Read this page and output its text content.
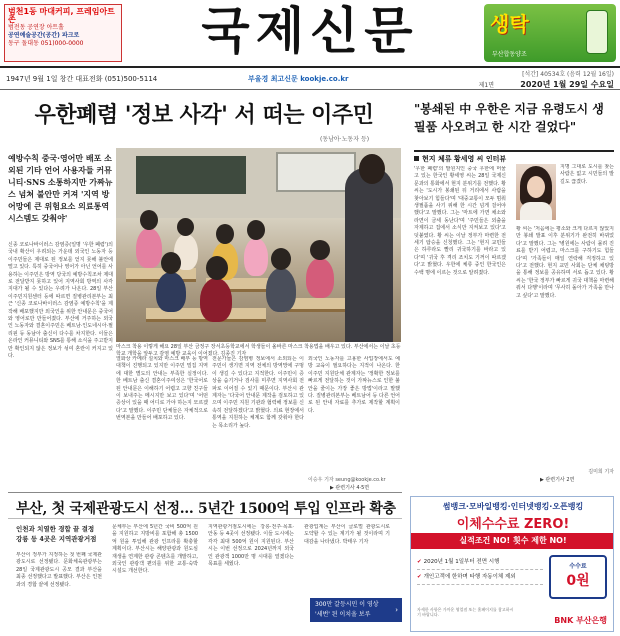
범천1동 마대커피, 프레임아트존
범전동 공연장 아트홀
공연예술공간(공간) 파크로
동구 돌대동 051)000-0000	국제신문	생탁
부산합동양조
1947년 9월 1일 창간 대표전화 (051)500-5114	부울경 최고신문 kookje.co.kr
[석간] 40534호 (음력 12월 16일)
제1면	2020년 1월 29일 수요일
우한폐렴 '정보 사각' 서 떠는 이주민
(동남아·노동자 등)
예방수칙 중국·영어만 배포 소외된 기타 언어 사용자들 커뮤니티·SNS 소통하지만 가짜뉴스 넘쳐 불안만 커져 '지역 방어망에 큰 위험요소 의료통역 시스템도 갖춰야'
신종 코로나바이러스 감염증(일명 '우한 폐렴')의 국내 확산이 우려되는 가운데 외국인 노동자 등 이주민들은 제대로 된 정보를 얻지 못해 불안에 떨고 있다. 특히 중국어나 영어가 아닌 언어를 사용하는 이주민은 방역 당국의 예방수칙조차 제대로 전달받지 못하고 있어 지역사회 방역의 사각지대가 될 수 있다는 우려가 나온다. 28일 부산 이주민지원센터 등에 따르면 질병관리본부는 최근 '신종 코로나바이러스 감염증 예방수칙'을 제작해 배포했지만 외국인을 위한 안내문은 중국어와 영어로만 만들어졌다. 부산에 거주하는 외국인 노동자와 결혼이주민은 베트남·인도네시아·필리핀 등 동남아 출신이 다수를 차지한다. 이들은 온라인 커뮤니티와 SNS를 통해 소식을 주고받지만 확인되지 않은 정보가 섞여 혼란이 커지고 있다.
마스크 착용 이렇게 해요 28일 부산 금정구 장서초등학교에서 학생들이 올바른 마스크 착용법을 배우고 있다. 부산에서는 이날 초등학교 개학을 앞두고 감염 예방 교육이 이어졌다. 김종진 기자
열화상 카메라 설치와 마스크 배부 등 방역 대책이 진행되고 있지만 이주민 밀집 지역에 대한 별도의 안내는 부족한 실정이다. 한 베트남 출신 결혼이주여성은 '한국어로 된 안내문은 이해하기 어렵고 고향 친구들이 보내주는 메시지만 보고 있다'며 '어떤 증상이 있을 때 어디로 가야 하는지 모르겠다'고 말했다. 이주민 단체들은 자체적으로 번역본을 만들어 배포하고 있다.
전문가들은 감염병 정보에서 소외되는 이주민이 생기면 지역 전체의 방역망에 구멍이 생길 수 있다고 지적한다. 이주민이 증상을 숨기거나 검사를 미루면 지역사회 전파로 이어질 수 있기 때문이다. 부산시 관계자는 '다국어 안내문 제작을 검토하고 있으며 이주민 지원 기관과 협력해 정보를 신속히 전달하겠다'고 밝혔다. 의료 현장에서 통역을 지원하는 체계도 함께 갖춰야 한다는 목소리가 높다.
외국인 노동자를 고용한 사업장에서도 예방 교육이 필요하다는 지적이 나온다. 한 이주민 지원단체 관계자는 '정확한 정보를 빠르게 전달하는 것이 가짜뉴스로 인한 불안을 줄이는 가장 좋은 방법'이라고 말했다. 질병관리본부는 베트남어 등 다른 언어로 된 안내 자료를 추가로 제작할 계획이다.
이승우 기자 seung@kookje.co.kr
▶ 관련기사 4·5면
"봉쇄된 中 우한은 지금 유령도시 생필품 사오려고 한 시간 걸었다"
현지 체류 황세영 씨 인터뷰
'우한 폐렴'의 발원지인 중국 우한에 머물고 있는 한국인 황세영 씨는 28일 국제신문과의 통화에서 현지 분위기를 전했다. 황 씨는 '도시가 봉쇄된 뒤 거리에서 사람을 찾아보기 힘들다'며 '대중교통이 모두 멈춰 생필품을 사기 위해 한 시간 넘게 걸어야 했다'고 말했다. 그는 '마트에 가면 채소와 라면이 금세 동난다'며 '주민들은 외출을 자제하고 집에서 소식만 지켜보고 있다'고 덧붙였다. 황 씨는 이날 정부가 마련한 전세기 탑승을 신청했다. 그는 '현지 교민들은 하루라도 빨리 귀국하기를 바라고 있다'며 '귀국 후 격리 조치도 기꺼이 따르겠다'고 밝혔다. 우한에 체류 중인 한국인은 수백 명에 이르는 것으로 알려졌다.
지명 그대로 도시를 찾는 사람은 없고 시민들의 발길도 끊겼다.
황 씨는 '처음에는 평소와 크게 다르지 않았지만 봉쇄 발표 이후 분위기가 완전히 바뀌었다'고 말했다. 그는 '병원에는 사람이 몰려 진료를 받기 어렵고, 마스크를 구하기도 힘들다'며 '가족들이 매일 연락해 걱정하고 있다'고 전했다. 현지 교민 사회는 단체 채팅방을 통해 정보를 공유하며 서로 돕고 있다. 황 씨는 '한국 정부가 빠르게 귀국 대책을 마련해 줘서 다행'이라며 '무사히 돌아가 가족을 만나고 싶다'고 말했다.
김미희 기자
▶ 관련기사 2면
부산, 첫 국제관광도시 선정… 5년간 1500억 투입 인프라 확충
인천과 치열한 경합 끝 결정 강릉 등 4곳은 지역관광거점
부산이 정부가 지정하는 첫 번째 국제관광도시로 선정됐다. 문화체육관광부는 28일 국제관광도시 공모 결과 부산을 최종 선정했다고 발표했다. 부산은 인천과의 경합 끝에 선정됐다.
문체부는 부산에 5년간 국비 500억 원을 지원하고 지방비를 포함해 총 1500억 원을 투입해 관광 인프라를 확충할 계획이다. 부산시는 해양관광과 원도심 재생을 연계한 관광 콘텐츠를 개발하고, 외국인 관광객 편의를 위한 교통·숙박 시설도 개선한다.
지역관광거점도시에는 강릉·전주·목포·안동 등 4곳이 선정됐다. 이들 도시에는 각각 최대 500억 원이 지원된다. 부산시는 이번 선정으로 2024년까지 외국인 관광객 1000만 명 시대를 열겠다는 목표를 세웠다.
관광업계는 부산이 글로벌 관광도시로 도약할 수 있는 계기가 될 것이라며 기대감을 나타냈다. 박태우 기자
300만 갈등시민 이 영상
'세번' 된 이치올 보루
›
썸뱅크·모바일뱅킹·인터넷뱅킹·오픈뱅킹
이체수수료 ZERO!
실적조건 NO! 횟수 제한 NO!
✔ 2020년 1월 1일부터 전면 시행
✔ 개인고객에 한하며 타행 자동이체 제외
수수료
0원
자세한 사항은 가까운 영업점 또는 홈페이지를 참고하시기 바랍니다.
BNK 부산은행
